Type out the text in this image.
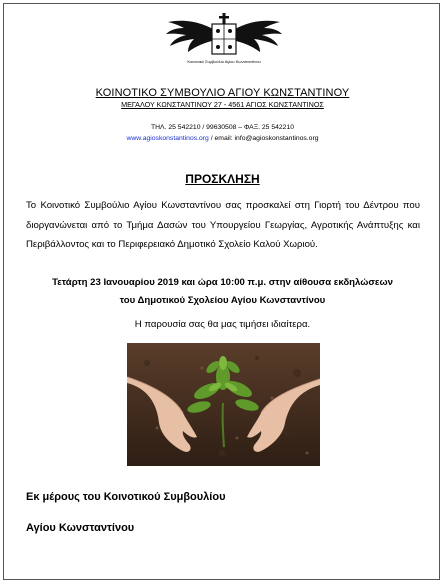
Κοινοτικό Συμβούλιο Αγίου Κωνσταντίνου
ΚΟΙΝΟΤΙΚΟ ΣΥΜΒΟΥΛΙΟ ΑΓΙΟΥ ΚΩΝΣΤΑΝΤΙΝΟΥ
ΜΕΓΑΛΟΥ ΚΩΝΣΤΑΝΤΙΝΟΥ 27 - 4561 ΑΓΙΟΣ ΚΩΝΣΤΑΝΤΙΝΟΣ
ΤΗΛ. 25 542210 / 99630508 – ΦΑΞ. 25 542210
www.agioskonstantinos.org / email: info@agioskonstantinos.org
ΠΡΟΣΚΛΗΣΗ
Το Κοινοτικό Συμβούλιο Αγίου Κωνσταντίνου σας προσκαλεί στη Γιορτή του Δέντρου που διοργανώνεται από το Τμήμα Δασών του Υπουργείου Γεωργίας, Αγροτικής Ανάπτυξης και Περιβάλλοντος και το Περιφερειακό Δημοτικό Σχολείο Καλού Χωριού.
Τετάρτη 23 Ιανουαρίου 2019 και ώρα 10:00 π.μ. στην αίθουσα εκδηλώσεων
του Δημοτικού Σχολείου Αγίου Κωνσταντίνου
Η παρουσία σας θα μας τιμήσει ιδιαίτερα.
Εκ μέρους του Κοινοτικού Συμβουλίου
Αγίου Κωνσταντίνου
